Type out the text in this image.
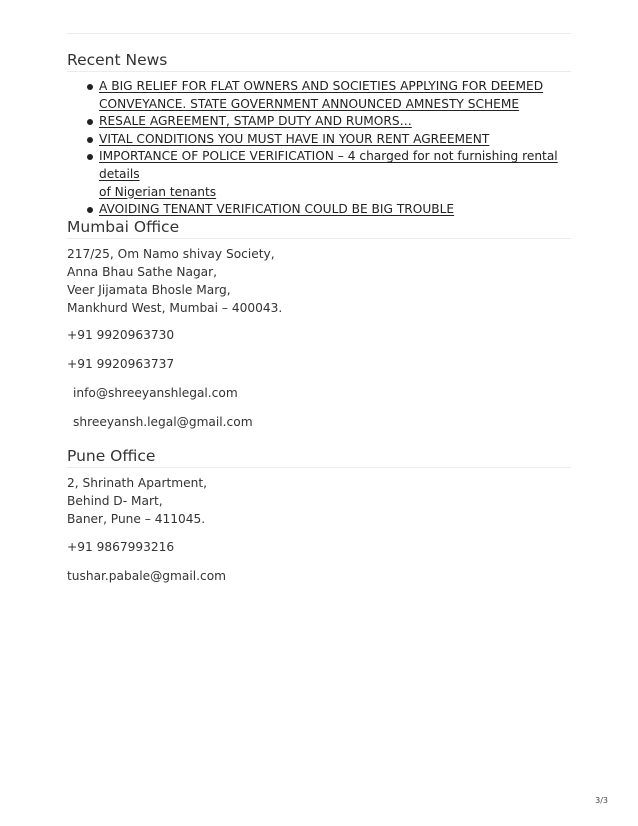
Recent News
A BIG RELIEF FOR FLAT OWNERS AND SOCIETIES APPLYING FOR DEEMED
CONVEYANCE. STATE GOVERNMENT ANNOUNCED AMNESTY SCHEME
RESALE AGREEMENT, STAMP DUTY AND RUMORS…
VITAL CONDITIONS YOU MUST HAVE IN YOUR RENT AGREEMENT
IMPORTANCE OF POLICE VERIFICATION – 4 charged for not furnishing rental details
of Nigerian tenants
AVOIDING TENANT VERIFICATION COULD BE BIG TROUBLE
Mumbai Office
217/25, Om Namo shivay Society,
Anna Bhau Sathe Nagar,
Veer Jijamata Bhosle Marg,
Mankhurd West, Mumbai – 400043.
+91 9920963730
+91 9920963737
info@shreeyanshlegal.com
shreeyansh.legal@gmail.com
Pune Office
2, Shrinath Apartment,
Behind D- Mart,
Baner, Pune – 411045.
+91 9867993216
tushar.pabale@gmail.com
3/3
